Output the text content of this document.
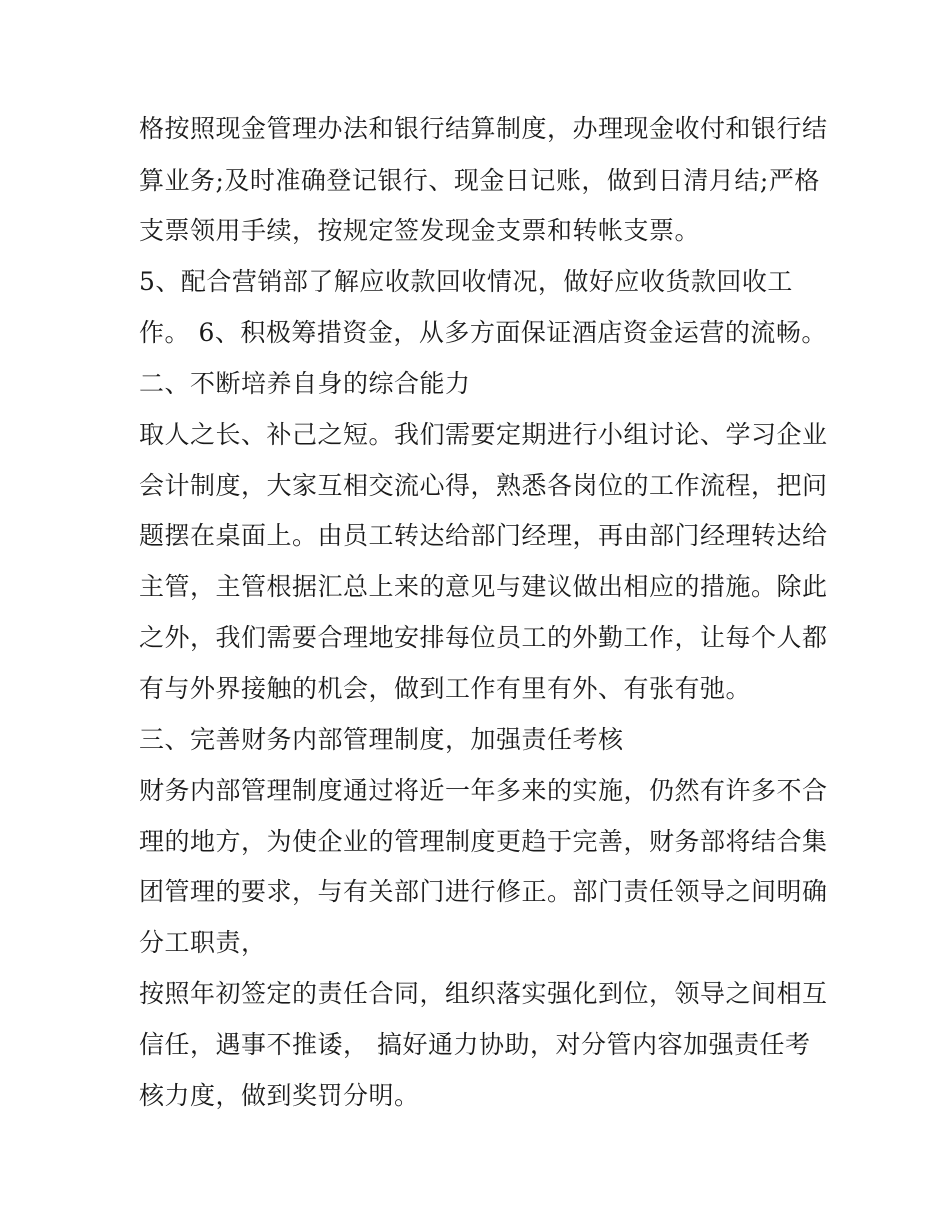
格按照现金管理办法和银行结算制度，办理现金收付和银行结
算业务;及时准确登记银行、现金日记账，做到日清月结;严格
支票领用手续，按规定签发现金支票和转帐支票。
5、配合营销部了解应收款回收情况，做好应收货款回收工
作。 6、积极筹措资金，从多方面保证酒店资金运营的流畅。
二、不断培养自身的综合能力
取人之长、补己之短。我们需要定期进行小组讨论、学习企业
会计制度，大家互相交流心得，熟悉各岗位的工作流程，把问
题摆在桌面上。由员工转达给部门经理，再由部门经理转达给
主管，主管根据汇总上来的意见与建议做出相应的措施。除此
之外，我们需要合理地安排每位员工的外勤工作，让每个人都
有与外界接触的机会，做到工作有里有外、有张有弛。
三、完善财务内部管理制度，加强责任考核
财务内部管理制度通过将近一年多来的实施，仍然有许多不合
理的地方，为使企业的管理制度更趋于完善，财务部将结合集
团管理的要求，与有关部门进行修正。部门责任领导之间明确
分工职责，
按照年初签定的责任合同，组织落实强化到位，领导之间相互
信任，遇事不推诿， 搞好通力协助，对分管内容加强责任考
核力度，做到奖罚分明。
